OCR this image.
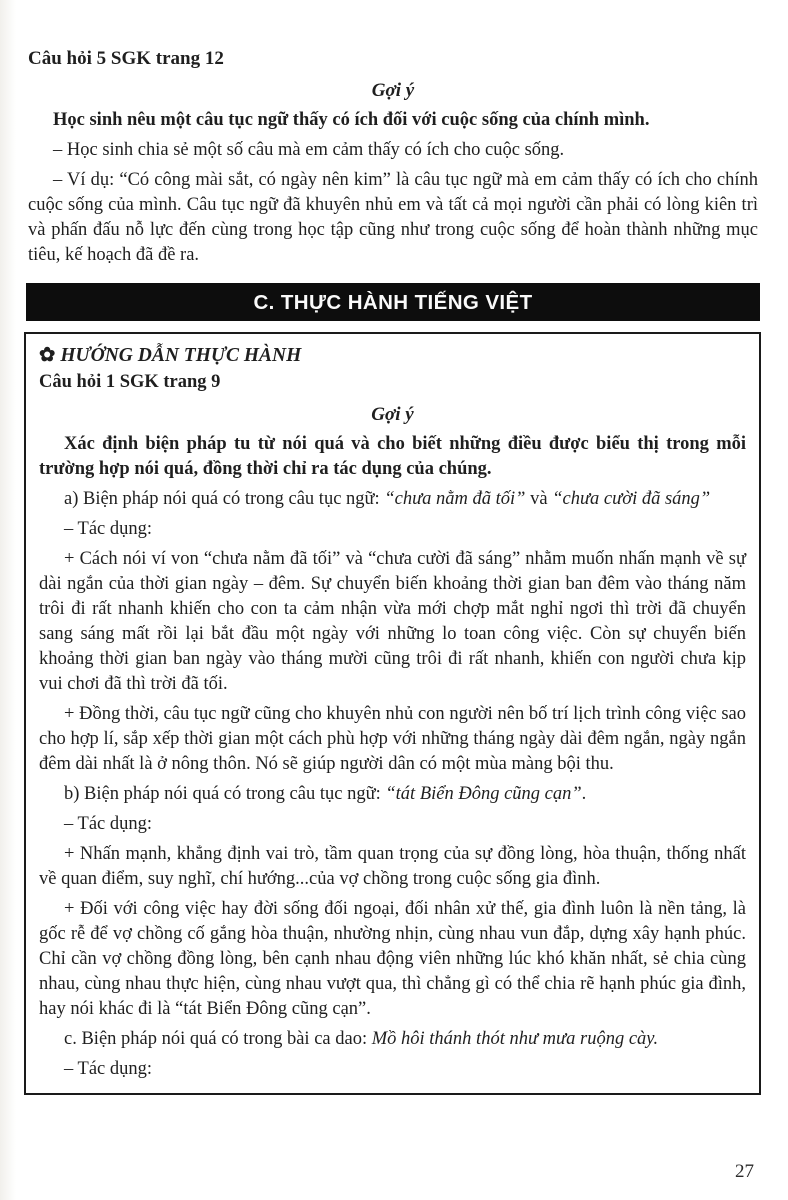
Câu hỏi 5 SGK trang 12

Gợi ý

Học sinh nêu một câu tục ngữ thấy có ích đối với cuộc sống của chính mình.

– Học sinh chia sẻ một số câu mà em cảm thấy có ích cho cuộc sống.

– Ví dụ: “Có công mài sắt, có ngày nên kim” là câu tục ngữ mà em cảm thấy có ích cho chính cuộc sống của mình. Câu tục ngữ đã khuyên nhủ em và tất cả mọi người cần phải có lòng kiên trì và phấn đấu nỗ lực đến cùng trong học tập cũng như trong cuộc sống để hoàn thành những mục tiêu, kế hoạch đã đề ra.

C. THỰC HÀNH TIẾNG VIỆT

✿ HƯỚNG DẪN THỰC HÀNH

Câu hỏi 1 SGK trang 9

Gợi ý

Xác định biện pháp tu từ nói quá và cho biết những điều được biểu thị trong mỗi trường hợp nói quá, đồng thời chỉ ra tác dụng của chúng.

a) Biện pháp nói quá có trong câu tục ngữ: “chưa nằm đã tối” và “chưa cười đã sáng”

– Tác dụng:

+ Cách nói ví von “chưa nằm đã tối” và “chưa cười đã sáng” nhằm muốn nhấn mạnh về sự dài ngắn của thời gian ngày – đêm. Sự chuyển biến khoảng thời gian ban đêm vào tháng năm trôi đi rất nhanh khiến cho con ta cảm nhận vừa mới chợp mắt nghỉ ngơi thì trời đã chuyển sang sáng mất rồi lại bắt đầu một ngày với những lo toan công việc. Còn sự chuyển biến khoảng thời gian ban ngày vào tháng mười cũng trôi đi rất nhanh, khiến con người chưa kịp vui chơi đã thì trời đã tối.

+ Đồng thời, câu tục ngữ cũng cho khuyên nhủ con người nên bố trí lịch trình công việc sao cho hợp lí, sắp xếp thời gian một cách phù hợp với những tháng ngày dài đêm ngắn, ngày ngắn đêm dài nhất là ở nông thôn. Nó sẽ giúp người dân có một mùa màng bội thu.

b) Biện pháp nói quá có trong câu tục ngữ: “tát Biển Đông cũng cạn”.

– Tác dụng:

+ Nhấn mạnh, khẳng định vai trò, tầm quan trọng của sự đồng lòng, hòa thuận, thống nhất về quan điểm, suy nghĩ, chí hướng...của vợ chồng trong cuộc sống gia đình.

+ Đối với công việc hay đời sống đối ngoại, đối nhân xử thế, gia đình luôn là nền tảng, là gốc rễ để vợ chồng cố gắng hòa thuận, nhường nhịn, cùng nhau vun đắp, dựng xây hạnh phúc. Chỉ cần vợ chồng đồng lòng, bên cạnh nhau động viên những lúc khó khăn nhất, sẻ chia cùng nhau, cùng nhau thực hiện, cùng nhau vượt qua, thì chẳng gì có thể chia rẽ hạnh phúc gia đình, hay nói khác đi là “tát Biển Đông cũng cạn”.

c. Biện pháp nói quá có trong bài ca dao: Mồ hôi thánh thót như mưa ruộng cày.

– Tác dụng:

27
